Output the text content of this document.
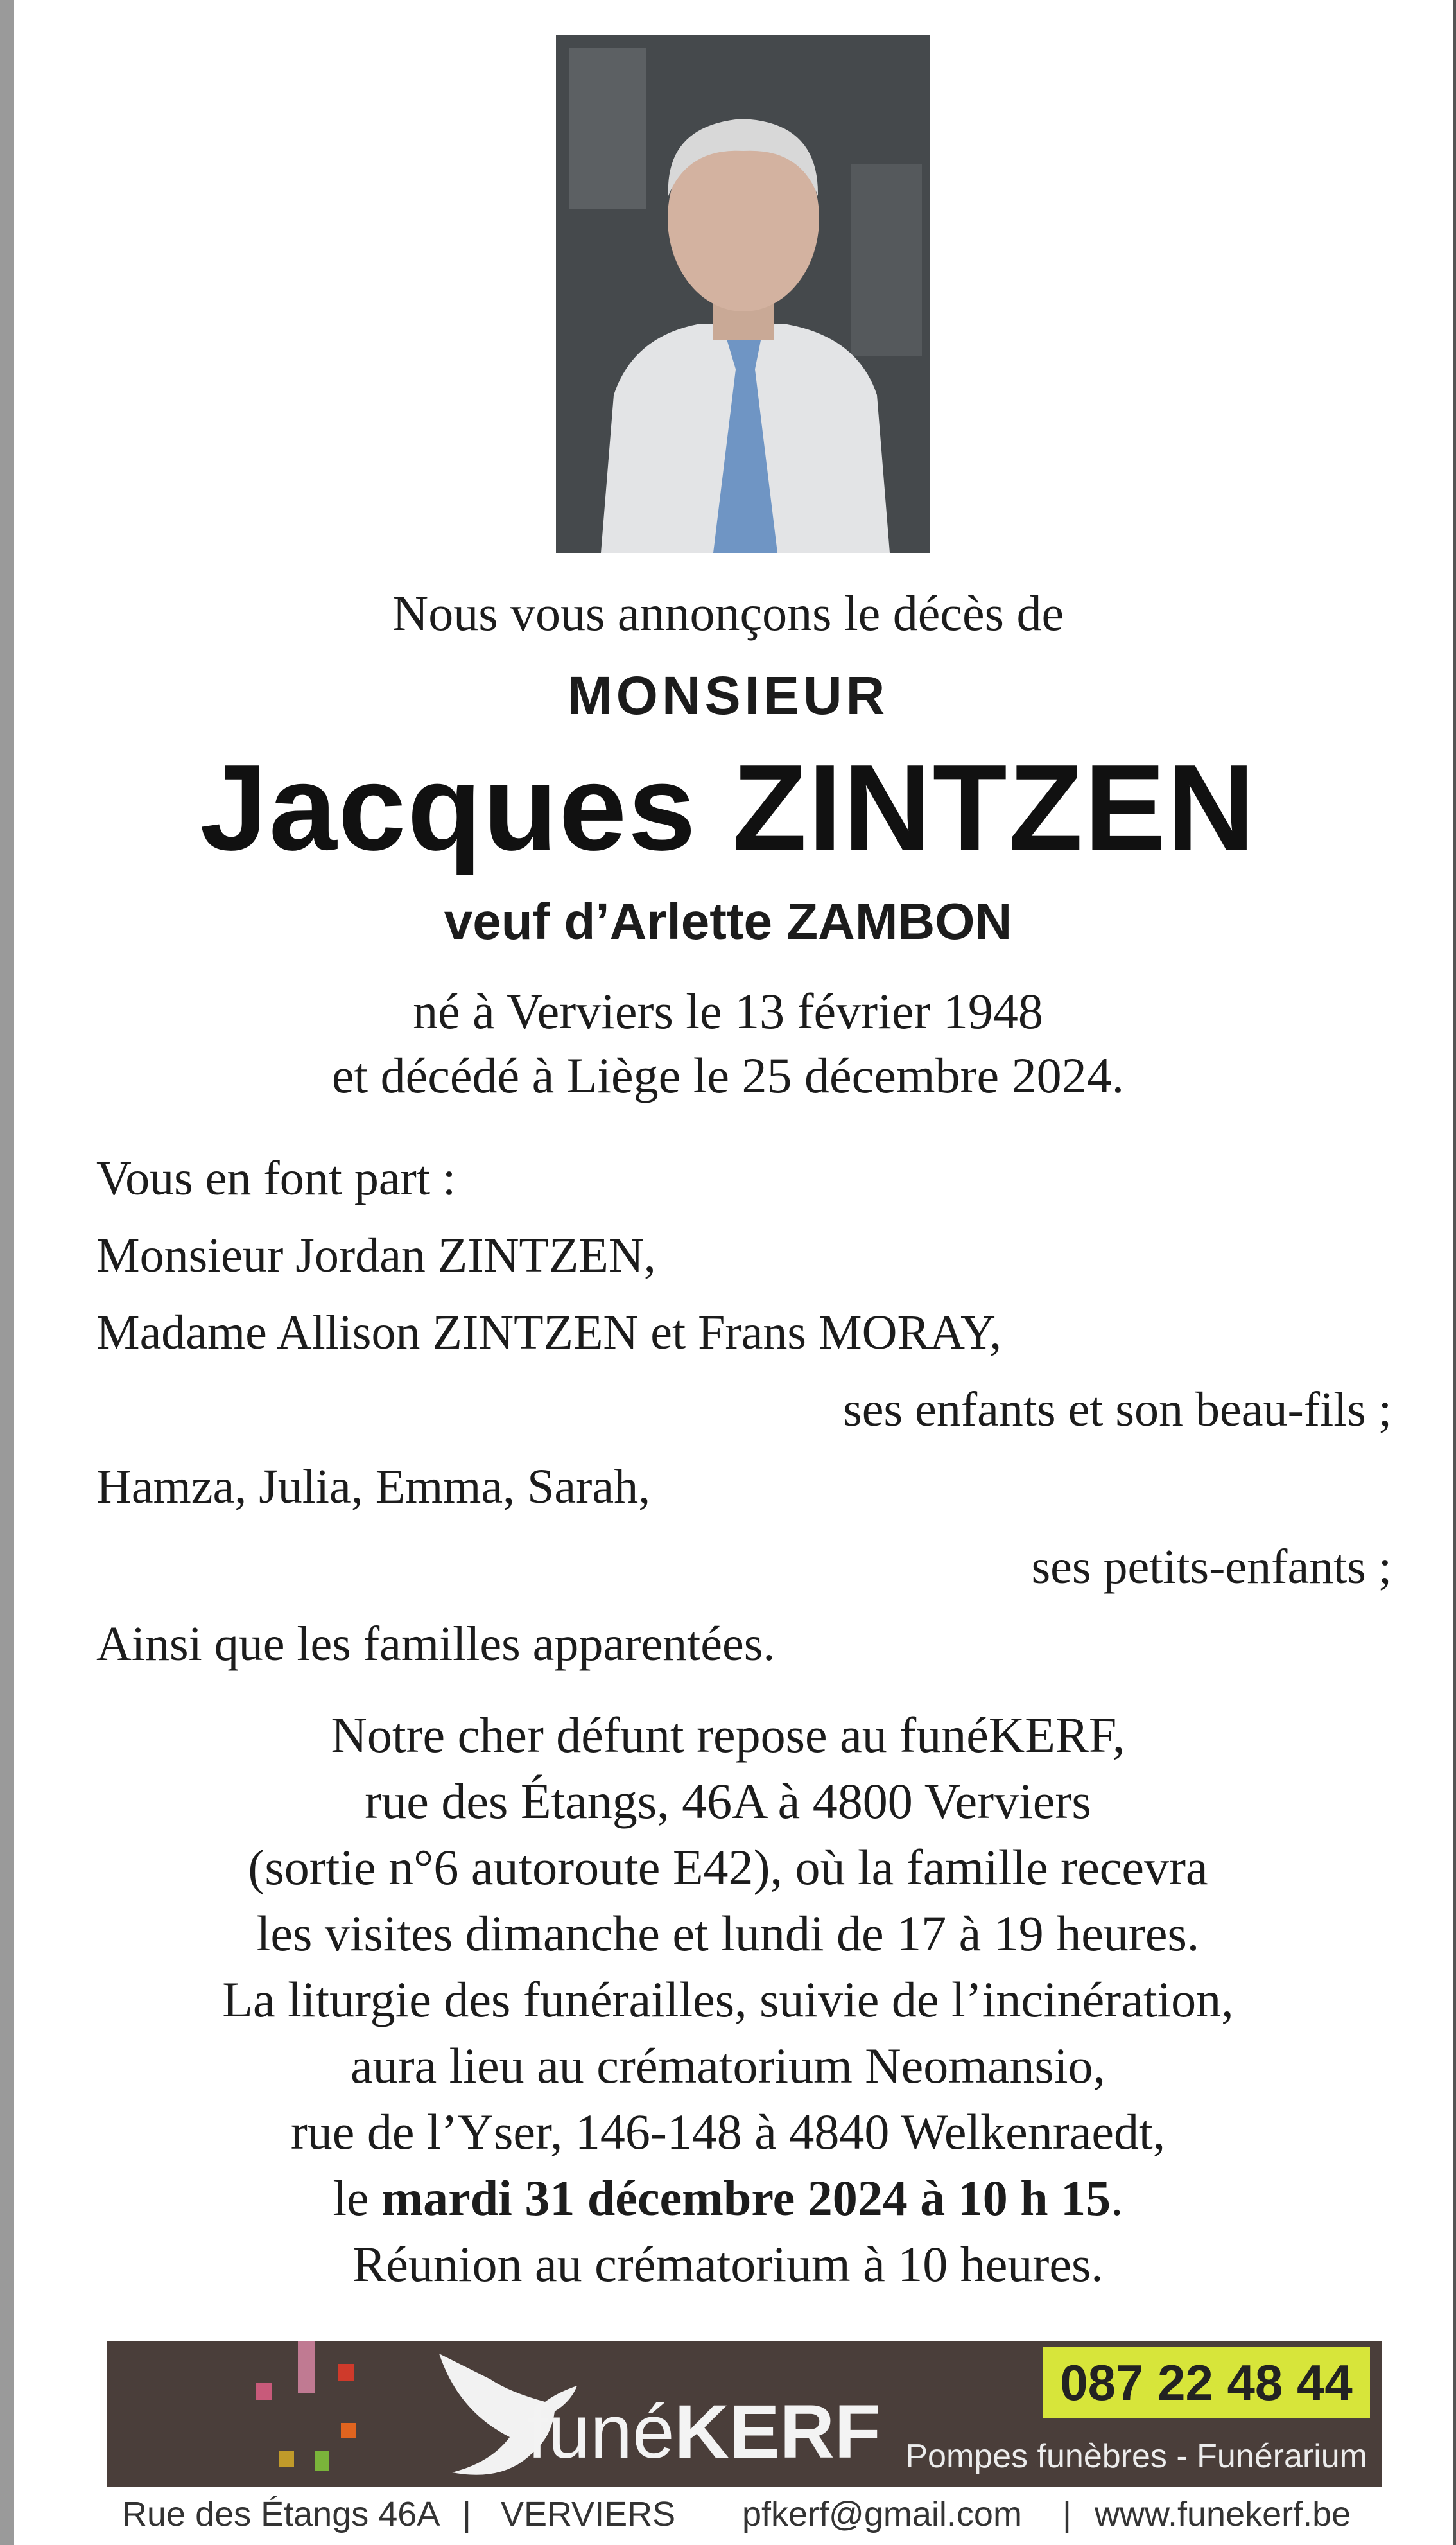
Nous vous annonçons le décès de
MONSIEUR
Jacques ZINTZEN
veuf d’Arlette ZAMBON
né à Verviers le 13 février 1948
et décédé à Liège le 25 décembre 2024.
Vous en font part :
Monsieur Jordan ZINTZEN,
Madame Allison ZINTZEN et Frans MORAY,
ses enfants et son beau-fils ;
Hamza, Julia, Emma, Sarah,
ses petits-enfants ;
Ainsi que les familles apparentées.
Notre cher défunt repose au funéKERF,
rue des Étangs, 46A à 4800 Verviers
(sortie n°6 autoroute E42), où la famille recevra
les visites dimanche et lundi de 17 à 19 heures.
La liturgie des funérailles, suivie de l’incinération,
aura lieu au crématorium Neomansio,
rue de l’Yser, 146-148 à 4840 Welkenraedt,
le mardi 31 décembre 2024 à 10 h 15.
Réunion au crématorium à 10 heures.
funéKERF
087 22 48 44
Pompes funèbres - Funérarium
Rue des Étangs 46A | VERVIERS pfkerf@gmail.com | www.funekerf.be
